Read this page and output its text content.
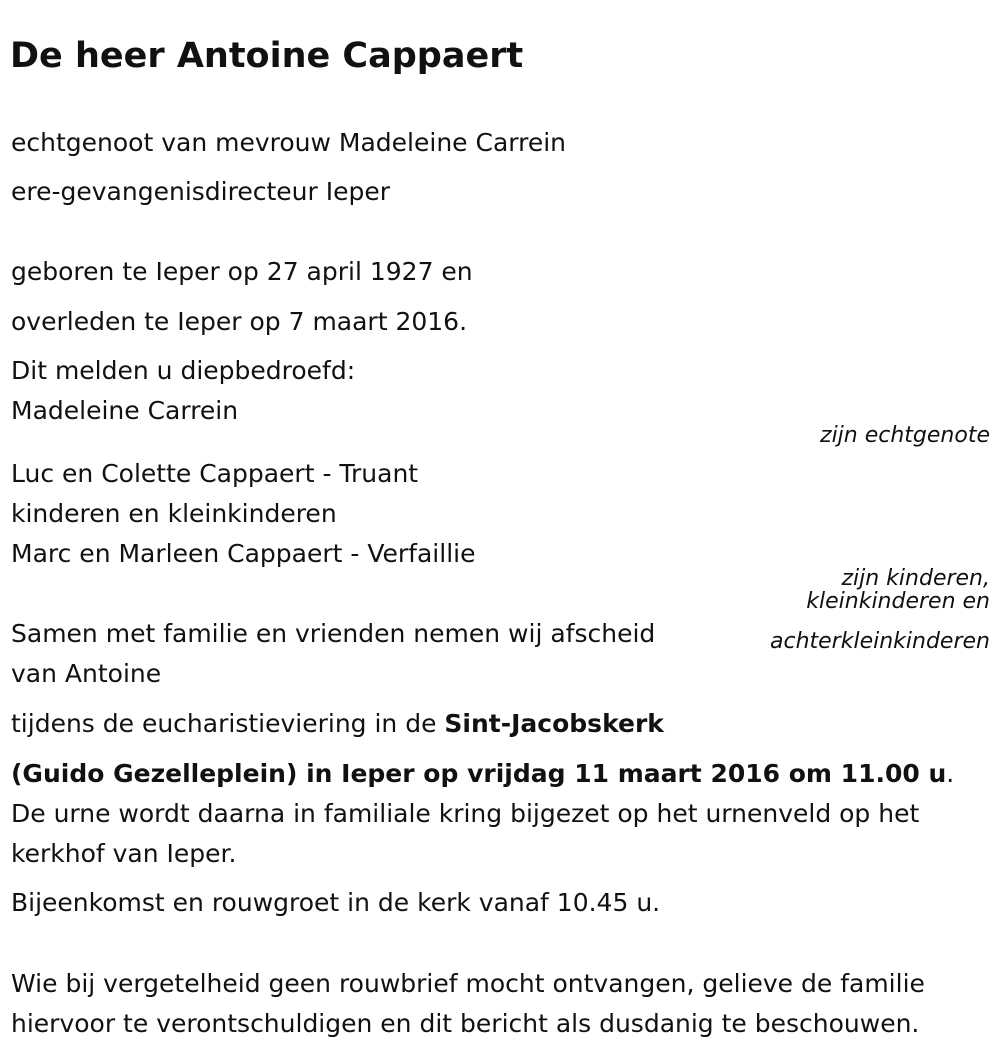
De heer Antoine Cappaert
echtgenoot van mevrouw Madeleine Carrein
ere-gevangenisdirecteur Ieper
geboren te Ieper op 27 april 1927 en
overleden te Ieper op 7 maart 2016.
Dit melden u diepbedroefd:
Madeleine Carrein
zijn echtgenote
Luc en Colette Cappaert - Truant
kinderen en kleinkinderen
Marc en Marleen Cappaert - Verfaillie
zijn kinderen,
kleinkinderen en
achterkleinkinderen
Samen met familie en vrienden nemen wij afscheid
van Antoine
tijdens de eucharistieviering in de Sint-Jacobskerk
(Guido Gezelleplein) in Ieper op vrijdag 11 maart 2016 om 11.00 u. De urne wordt daarna in familiale kring bijgezet op het urnenveld op het kerkhof van Ieper.
Bijeenkomst en rouwgroet in de kerk vanaf 10.45 u.
Wie bij vergetelheid geen rouwbrief mocht ontvangen, gelieve de familie hiervoor te verontschuldigen en dit bericht als dusdanig te beschouwen.
